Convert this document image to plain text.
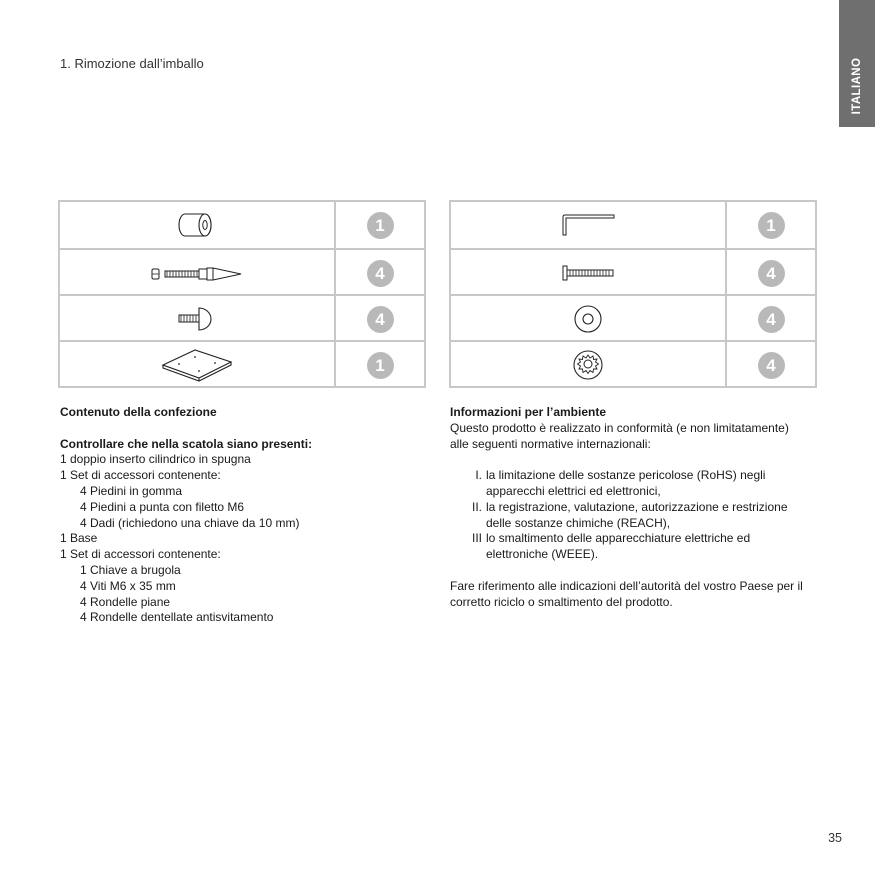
ITALIANO
1. Rimozione dall’imballo
1
4
4
1
1
4
4
4
Contenuto della confezione
Controllare che nella scatola siano presenti:
1 doppio inserto cilindrico in spugna
1 Set di accessori contenente:
4 Piedini in gomma
4 Piedini a punta con filetto M6
4 Dadi (richiedono una chiave da 10 mm)
1 Base
1 Set di accessori contenente:
1 Chiave a brugola
4 Viti M6 x 35 mm
4 Rondelle piane
4 Rondelle dentellate antisvitamento
Informazioni per l’ambiente
Questo prodotto è realizzato in conformità (e non limitatamente)
alle seguenti normative internazionali:
I. la limitazione delle sostanze pericolose (RoHS) negli
apparecchi elettrici ed elettronici,
II. la registrazione, valutazione, autorizzazione e restrizione
delle sostanze chimiche (REACH),
III lo smaltimento delle apparecchiature elettriche ed
elettroniche (WEEE).
Fare riferimento alle indicazioni dell’autorità del vostro Paese per il
corretto riciclo o smaltimento del prodotto.
35
